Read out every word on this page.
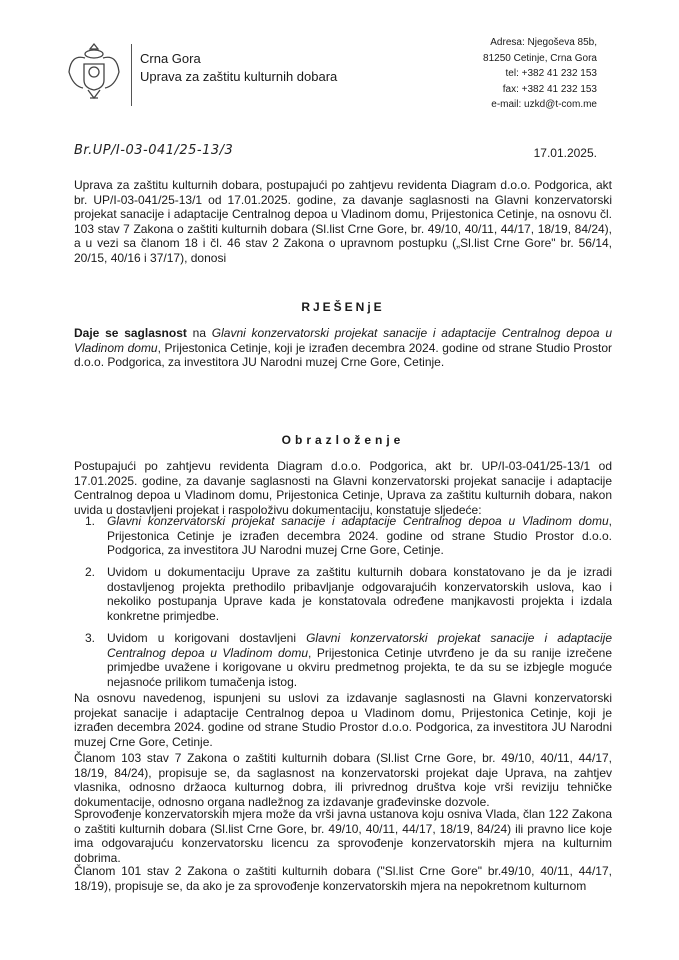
Crna Gora
Uprava za zaštitu kulturnih dobara
Adresa: Njegoševa 85b,
81250 Cetinje, Crna Gora
tel: +382 41 232 153
fax: +382 41 232 153
e-mail: uzkd@t-com.me
Br.UP/I-03-041/25-13/3	17.01.2025.
Uprava za zaštitu kulturnih dobara, postupajući po zahtjevu revidenta Diagram d.o.o. Podgorica, akt br. UP/I-03-041/25-13/1 od 17.01.2025. godine, za davanje saglasnosti na Glavni konzervatorski projekat sanacije i adaptacije Centralnog depoa u Vladinom domu, Prijestonica Cetinje, na osnovu čl. 103 stav 7 Zakona o zaštiti kulturnih dobara (Sl.list Crne Gore, br. 49/10, 40/11, 44/17, 18/19, 84/24), a u vezi sa članom 18 i čl. 46 stav 2 Zakona o upravnom postupku („Sl.list Crne Gore" br. 56/14, 20/15, 40/16 i 37/17), donosi
RJEŠENjE
Daje se saglasnost na Glavni konzervatorski projekat sanacije i adaptacije Centralnog depoa u Vladinom domu, Prijestonica Cetinje, koji je izrađen decembra 2024. godine od strane Studio Prostor d.o.o. Podgorica, za investitora JU Narodni muzej Crne Gore, Cetinje.
Obrazloženje
Postupajući po zahtjevu revidenta Diagram d.o.o. Podgorica, akt br. UP/I-03-041/25-13/1 od 17.01.2025. godine, za davanje saglasnosti na Glavni konzervatorski projekat sanacije i adaptacije Centralnog depoa u Vladinom domu, Prijestonica Cetinje, Uprava za zaštitu kulturnih dobara, nakon uvida u dostavljeni projekat i raspoloživu dokumentaciju, konstatuje sljedeće:
1. Glavni konzervatorski projekat sanacije i adaptacije Centralnog depoa u Vladinom domu, Prijestonica Cetinje je izrađen decembra 2024. godine od strane Studio Prostor d.o.o. Podgorica, za investitora JU Narodni muzej Crne Gore, Cetinje.
2. Uvidom u dokumentaciju Uprave za zaštitu kulturnih dobara konstatovano je da je izradi dostavljenog projekta prethodilo pribavljanje odgovarajućih konzervatorskih uslova, kao i nekoliko postupanja Uprave kada je konstatovala određene manjkavosti projekta i izdala konkretne primjedbe.
3. Uvidom u korigovani dostavljeni Glavni konzervatorski projekat sanacije i adaptacije Centralnog depoa u Vladinom domu, Prijestonica Cetinje utvrđeno je da su ranije izrečene primjedbe uvažene i korigovane u okviru predmetnog projekta, te da su se izbjegle moguće nejasnoće prilikom tumačenja istog.
Na osnovu navedenog, ispunjeni su uslovi za izdavanje saglasnosti na Glavni konzervatorski projekat sanacije i adaptacije Centralnog depoa u Vladinom domu, Prijestonica Cetinje, koji je izrađen decembra 2024. godine od strane Studio Prostor d.o.o. Podgorica, za investitora JU Narodni muzej Crne Gore, Cetinje.
Članom 103 stav 7 Zakona o zaštiti kulturnih dobara (Sl.list Crne Gore, br. 49/10, 40/11, 44/17, 18/19, 84/24), propisuje se, da saglasnost na konzervatorski projekat daje Uprava, na zahtjev vlasnika, odnosno držaoca kulturnog dobra, ili privrednog društva koje vrši reviziju tehničke dokumentacije, odnosno organa nadležnog za izdavanje građevinske dozvole.
Sprovođenje konzervatorskih mjera može da vrši javna ustanova koju osniva Vlada, član 122 Zakona o zaštiti kulturnih dobara (Sl.list Crne Gore, br. 49/10, 40/11, 44/17, 18/19, 84/24) ili pravno lice koje ima odgovarajuću konzervatorsku licencu za sprovođenje konzervatorskih mjera na kulturnim dobrima.
Članom 101 stav 2 Zakona o zaštiti kulturnih dobara ("Sl.list Crne Gore" br.49/10, 40/11, 44/17, 18/19), propisuje se, da ako je za sprovođenje konzervatorskih mjera na nepokretnom kulturnom
